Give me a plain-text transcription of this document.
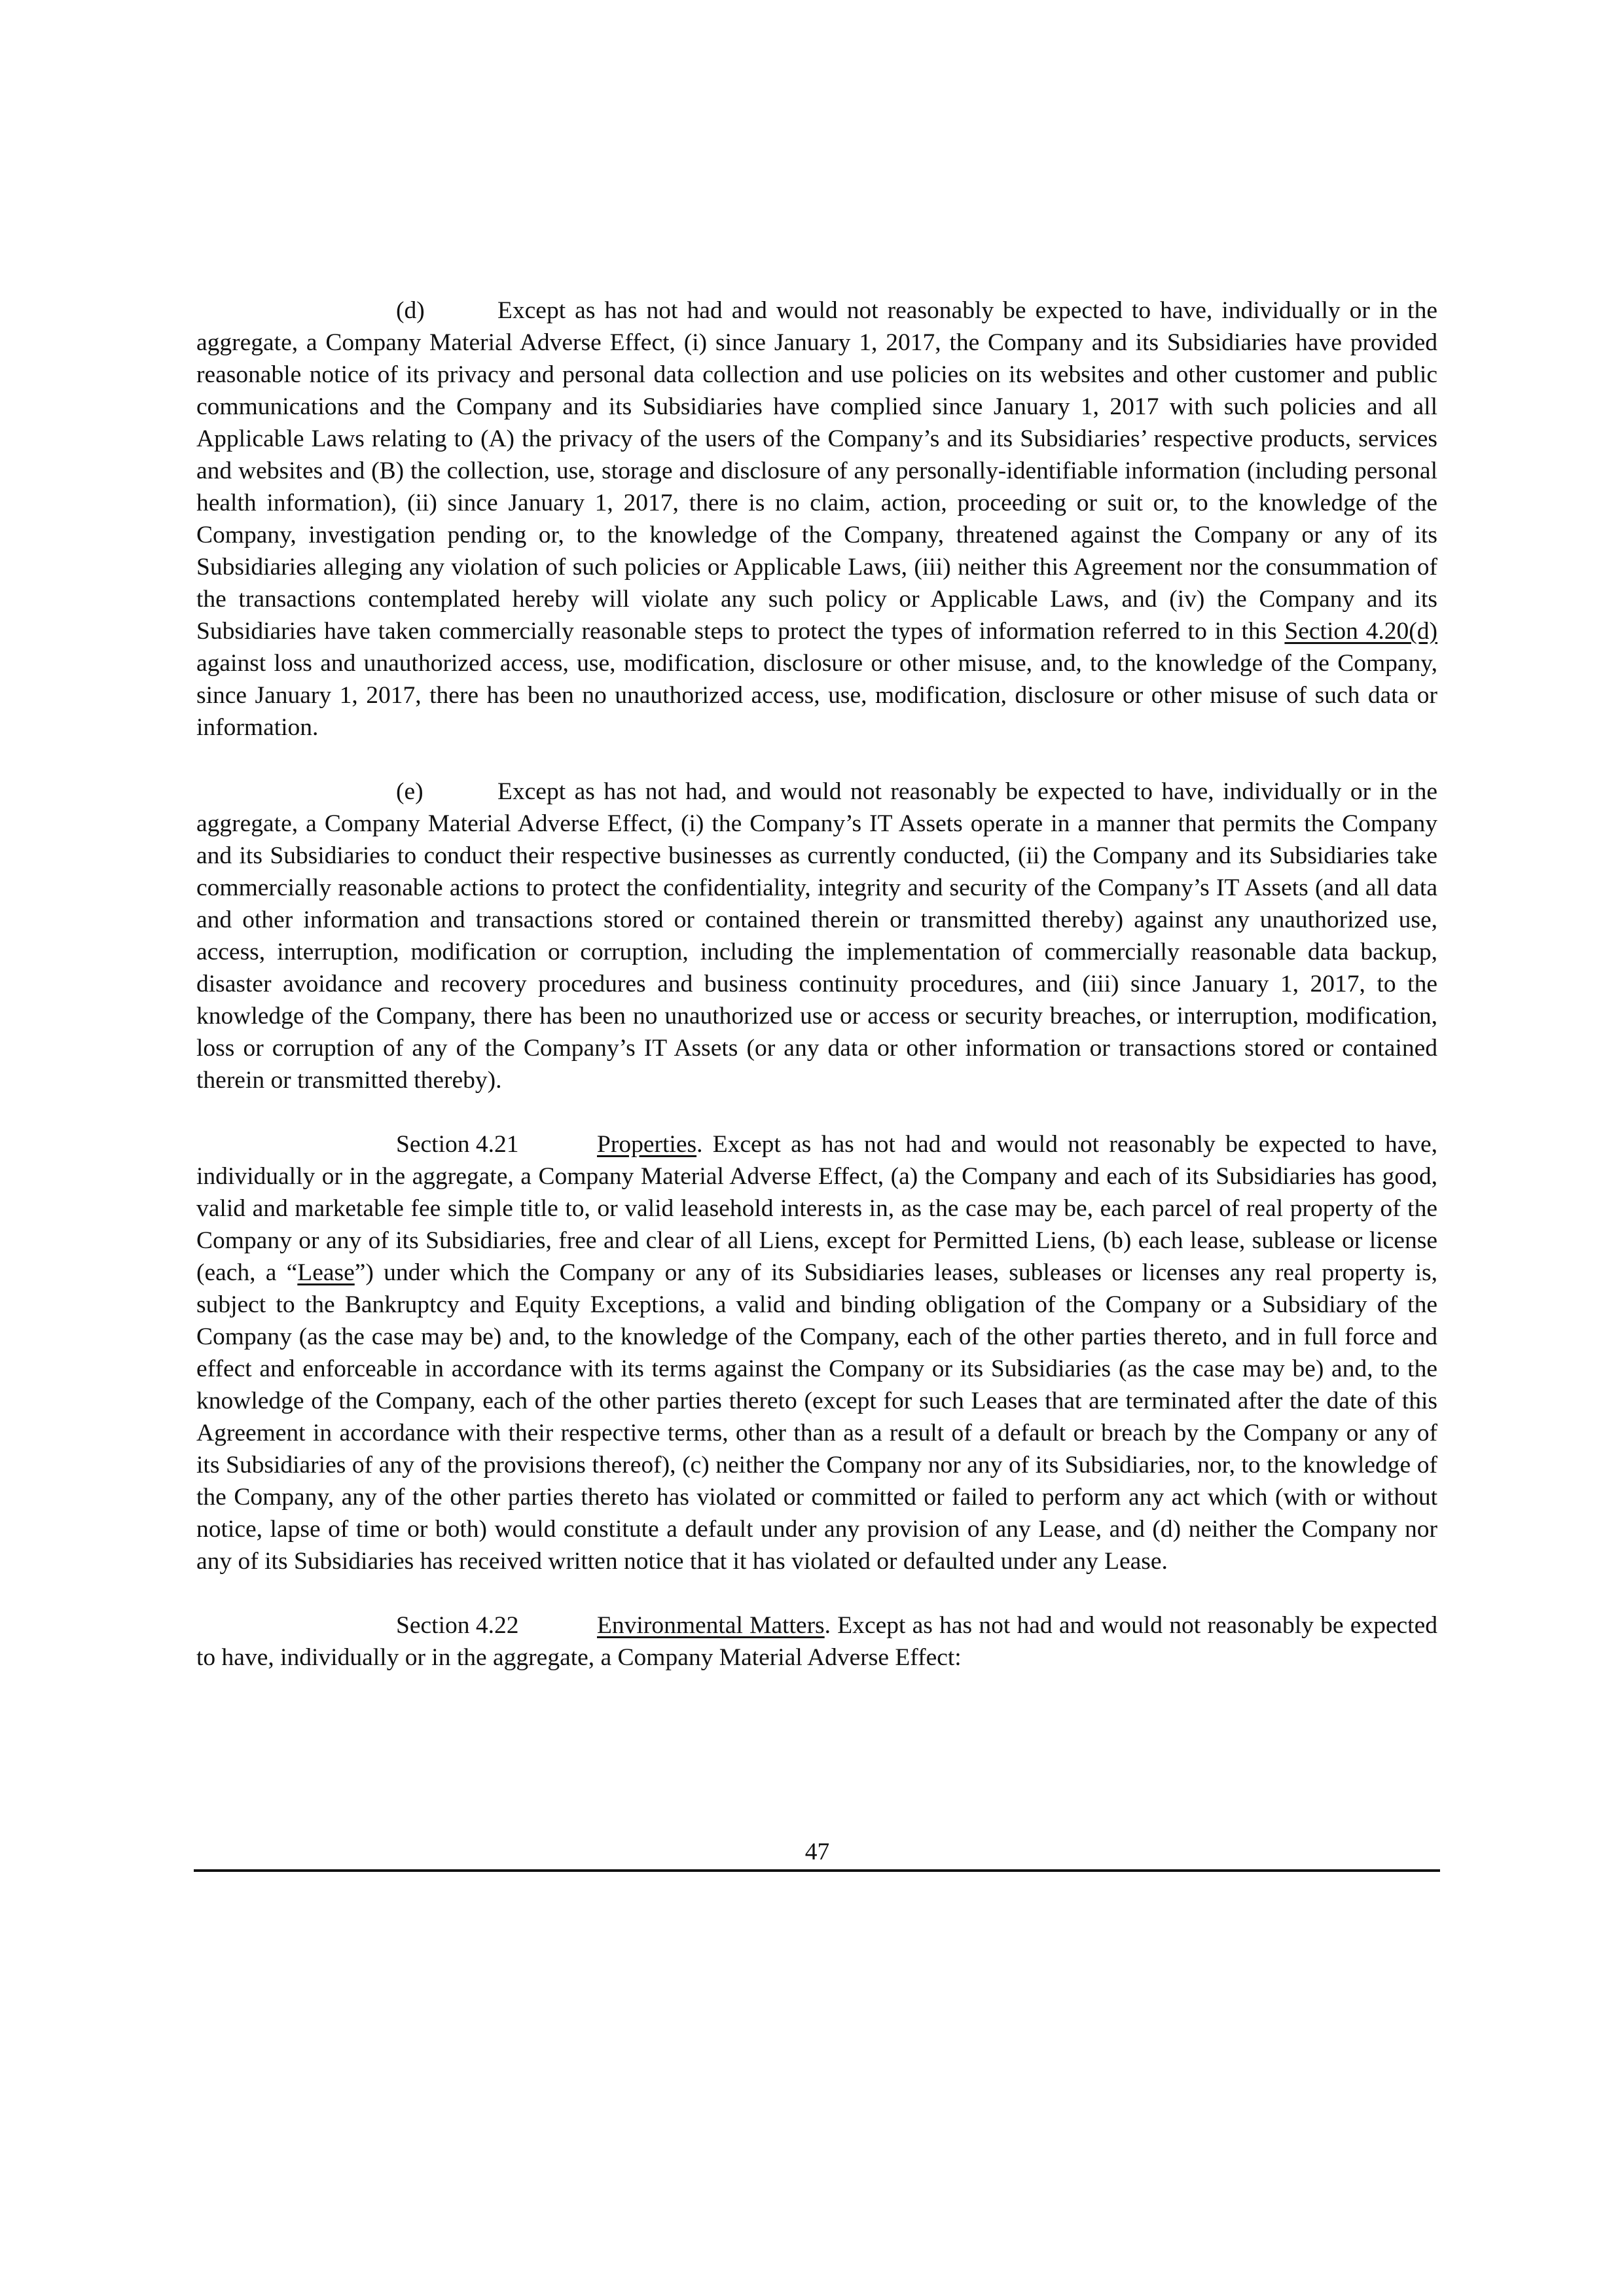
(d)	Except as has not had and would not reasonably be expected to have, individually or in the aggregate, a Company Material Adverse Effect, (i) since January 1, 2017, the Company and its Subsidiaries have provided reasonable notice of its privacy and personal data collection and use policies on its websites and other customer and public communications and the Company and its Subsidiaries have complied since January 1, 2017 with such policies and all Applicable Laws relating to (A) the privacy of the users of the Company’s and its Subsidiaries’ respective products, services and websites and (B) the collection, use, storage and disclosure of any personally-identifiable information (including personal health information), (ii) since January 1, 2017, there is no claim, action, proceeding or suit or, to the knowledge of the Company, investigation pending or, to the knowledge of the Company, threatened against the Company or any of its Subsidiaries alleging any violation of such policies or Applicable Laws, (iii) neither this Agreement nor the consummation of the transactions contemplated hereby will violate any such policy or Applicable Laws, and (iv) the Company and its Subsidiaries have taken commercially reasonable steps to protect the types of information referred to in this Section 4.20(d) against loss and unauthorized access, use, modification, disclosure or other misuse, and, to the knowledge of the Company, since January 1, 2017, there has been no unauthorized access, use, modification, disclosure or other misuse of such data or information.

(e)	Except as has not had, and would not reasonably be expected to have, individually or in the aggregate, a Company Material Adverse Effect, (i) the Company’s IT Assets operate in a manner that permits the Company and its Subsidiaries to conduct their respective businesses as currently conducted, (ii) the Company and its Subsidiaries take commercially reasonable actions to protect the confidentiality, integrity and security of the Company’s IT Assets (and all data and other information and transactions stored or contained therein or transmitted thereby) against any unauthorized use, access, interruption, modification or corruption, including the implementation of commercially reasonable data backup, disaster avoidance and recovery procedures and business continuity procedures, and (iii) since January 1, 2017, to the knowledge of the Company, there has been no unauthorized use or access or security breaches, or interruption, modification, loss or corruption of any of the Company’s IT Assets (or any data or other information or transactions stored or contained therein or transmitted thereby).

Section 4.21	Properties. Except as has not had and would not reasonably be expected to have, individually or in the aggregate, a Company Material Adverse Effect, (a) the Company and each of its Subsidiaries has good, valid and marketable fee simple title to, or valid leasehold interests in, as the case may be, each parcel of real property of the Company or any of its Subsidiaries, free and clear of all Liens, except for Permitted Liens, (b) each lease, sublease or license (each, a “Lease”) under which the Company or any of its Subsidiaries leases, subleases or licenses any real property is, subject to the Bankruptcy and Equity Exceptions, a valid and binding obligation of the Company or a Subsidiary of the Company (as the case may be) and, to the knowledge of the Company, each of the other parties thereto, and in full force and effect and enforceable in accordance with its terms against the Company or its Subsidiaries (as the case may be) and, to the knowledge of the Company, each of the other parties thereto (except for such Leases that are terminated after the date of this Agreement in accordance with their respective terms, other than as a result of a default or breach by the Company or any of its Subsidiaries of any of the provisions thereof), (c) neither the Company nor any of its Subsidiaries, nor, to the knowledge of the Company, any of the other parties thereto has violated or committed or failed to perform any act which (with or without notice, lapse of time or both) would constitute a default under any provision of any Lease, and (d) neither the Company nor any of its Subsidiaries has received written notice that it has violated or defaulted under any Lease.

Section 4.22	Environmental Matters. Except as has not had and would not reasonably be expected to have, individually or in the aggregate, a Company Material Adverse Effect:

47
